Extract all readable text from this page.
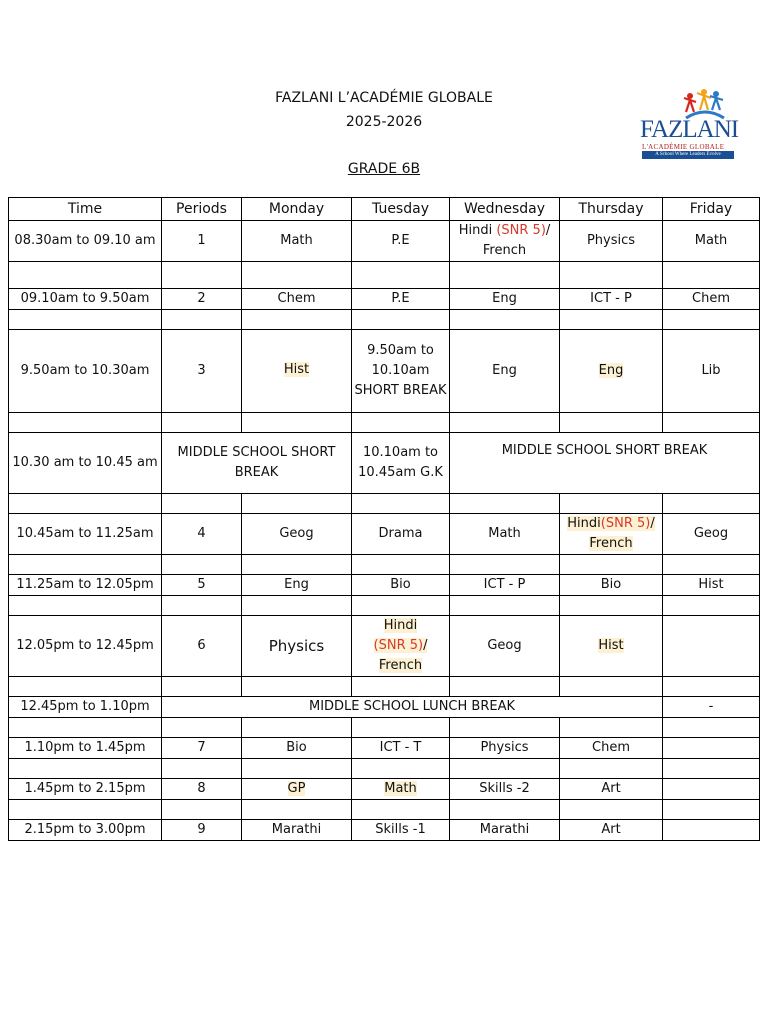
FAZLANI L’ACADÉMIE GLOBALE
2025-2026
GRADE 6B
FAZLANI
L'ACADÉMIE GLOBALE
A School Where Leaders Evolve
Time	Periods	Monday	Tuesday	Wednesday	Thursday	Friday
08.30am to 09.10 am	1	Math	P.E	Hindi (SNR 5)/
French	Physics	Math

09.10am to 9.50am	2	Chem	P.E	Eng	ICT - P	Chem

9.50am to 10.30am	3	Hist	9.50am to 10.10am SHORT BREAK	Eng	Eng	Lib

10.30 am to 10.45 am	MIDDLE SCHOOL SHORT BREAK		10.10am to 10.45am G.K	MIDDLE SCHOOL SHORT BREAK		

10.45am to 11.25am	4	Geog	Drama	Math	Hindi(SNR 5)/
French	Geog

11.25am to 12.05pm	5	Eng	Bio	ICT - P	Bio	Hist

12.05pm to 12.45pm	6	Physics	Hindi
(SNR 5)/
French	Geog	Hist	

12.45pm to 1.10pm	MIDDLE SCHOOL LUNCH BREAK					-

1.10pm to 1.45pm	7	Bio	ICT - T	Physics	Chem	

1.45pm to 2.15pm	8	GP	Math	Skills -2	Art	

2.15pm to 3.00pm	9	Marathi	Skills -1	Marathi	Art	
